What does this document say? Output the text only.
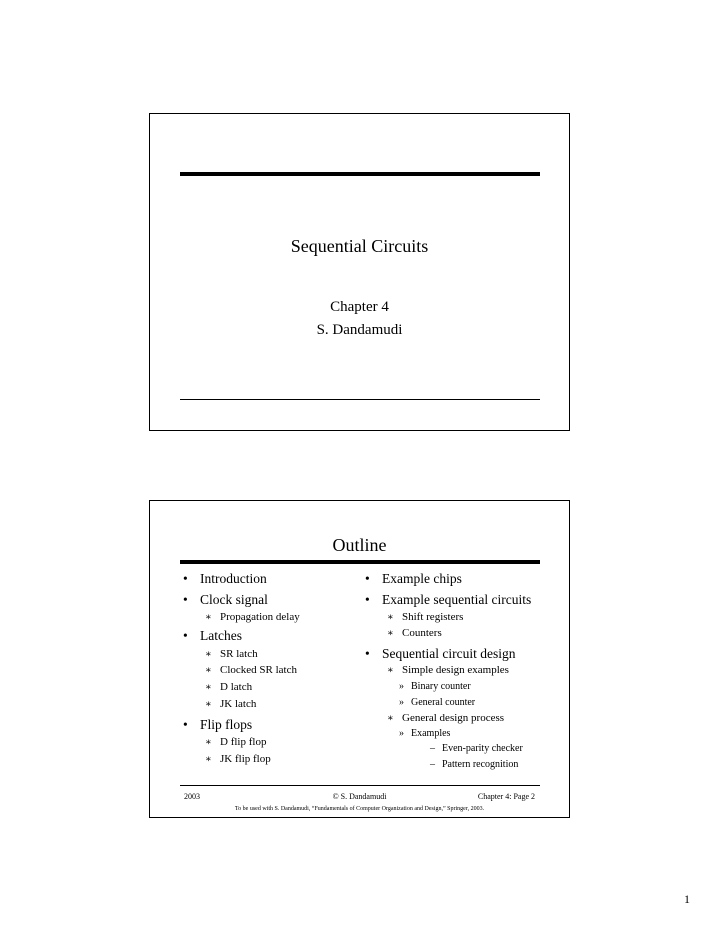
Sequential Circuits
Chapter 4
S. Dandamudi
Outline
• Introduction
• Clock signal
∗ Propagation delay
• Latches
∗ SR latch
∗ Clocked SR latch
∗ D latch
∗ JK latch
• Flip flops
∗ D flip flop
∗ JK flip flop
• Example chips
• Example sequential circuits
∗ Shift registers
∗ Counters
• Sequential circuit design
∗ Simple design examples
» Binary counter
» General counter
∗ General design process
» Examples
– Even-parity checker
– Pattern recognition
2003	© S. Dandamudi	Chapter 4: Page 2
To be used with S. Dandamudi, “Fundamentals of Computer Organization and Design,” Springer, 2003.
1
